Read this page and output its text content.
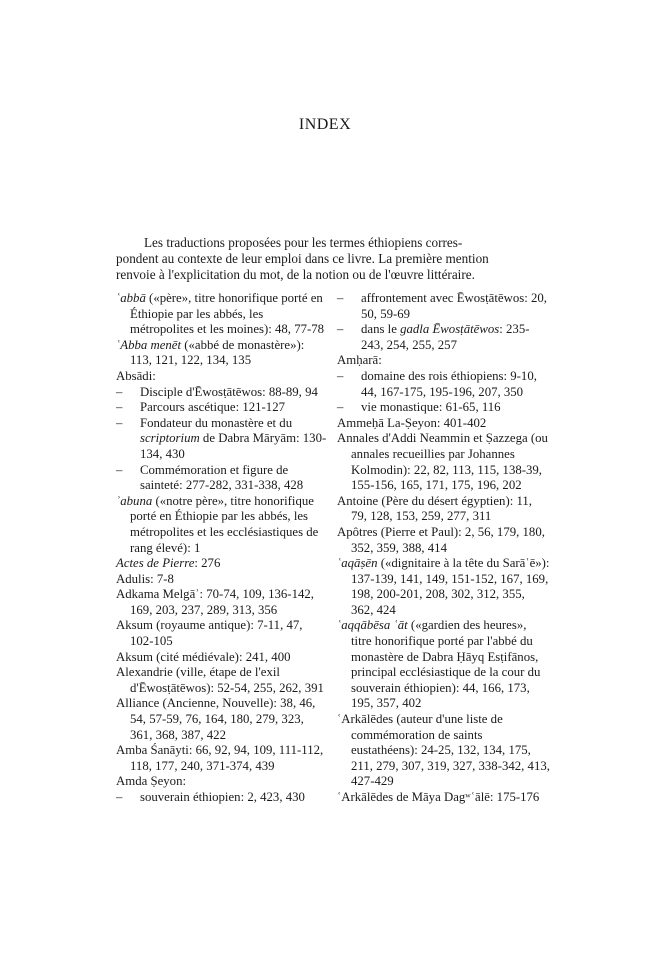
INDEX
Les traductions proposées pour les termes éthiopiens corres-
pondent au contexte de leur emploi dans ce livre. La première mention
renvoie à l'explicitation du mot, de la notion ou de l'œuvre littéraire.
ʿabbā («père», titre honorifique porté en Éthiopie par les abbés, les métropolites et les moines): 48, 77-78
ʿAbba menēt («abbé de monastère»): 113, 121, 122, 134, 135
Absādi:
– Disciple d'Ēwosṭātēwos: 88-89, 94
– Parcours ascétique: 121-127
– Fondateur du monastère et du scriptorium de Dabra Māryām: 130-134, 430
– Commémoration et figure de sainteté: 277-282, 331-338, 428
ʾabuna («notre père», titre honorifique porté en Éthiopie par les abbés, les métropolites et les ecclésiastiques de rang élevé): 1
Actes de Pierre: 276
Adulis: 7-8
Adkama Melgāʾ: 70-74, 109, 136-142, 169, 203, 237, 289, 313, 356
Aksum (royaume antique): 7-11, 47, 102-105
Aksum (cité médiévale): 241, 400
Alexandrie (ville, étape de l'exil d'Ēwosṭātēwos): 52-54, 255, 262, 391
Alliance (Ancienne, Nouvelle): 38, 46, 54, 57-59, 76, 164, 180, 279, 323, 361, 368, 387, 422
Amba Śanāyti: 66, 92, 94, 109, 111-112, 118, 177, 240, 371-374, 439
Amda Ṣeyon:
– souverain éthiopien: 2, 423, 430
– affrontement avec Ēwosṭātēwos: 20, 50, 59-69
– dans le gadla Ēwosṭātēwos: 235-243, 254, 255, 257
Amḥarā:
– domaine des rois éthiopiens: 9-10, 44, 167-175, 195-196, 207, 350
– vie monastique: 61-65, 116
Ammeḥā La-Ṣeyon: 401-402
Annales d'Addi Neammin et Ṣazzega (ou annales recueillies par Johannes Kolmodin): 22, 82, 113, 115, 138-39, 155-156, 165, 171, 175, 196, 202
Antoine (Père du désert égyptien): 11, 79, 128, 153, 259, 277, 311
Apôtres (Pierre et Paul): 2, 56, 179, 180, 352, 359, 388, 414
ʿaqāṣēn («dignitaire à la tête du Sarāʿē»): 137-139, 141, 149, 151-152, 167, 169, 198, 200-201, 208, 302, 312, 355, 362, 424
ʿaqqābēsa ʿāt («gardien des heures», titre honorifique porté par l'abbé du monastère de Dabra Ḥāyq Esṭifānos, principal ecclésiastique de la cour du souverain éthiopien): 44, 166, 173, 195, 357, 402
ʿArkālēdes (auteur d'une liste de commémoration de saints eustathéens): 24-25, 132, 134, 175, 211, 279, 307, 319, 327, 338-342, 413, 427-429
ʿArkālēdes de Māya Dagʷʿālē: 175-176
